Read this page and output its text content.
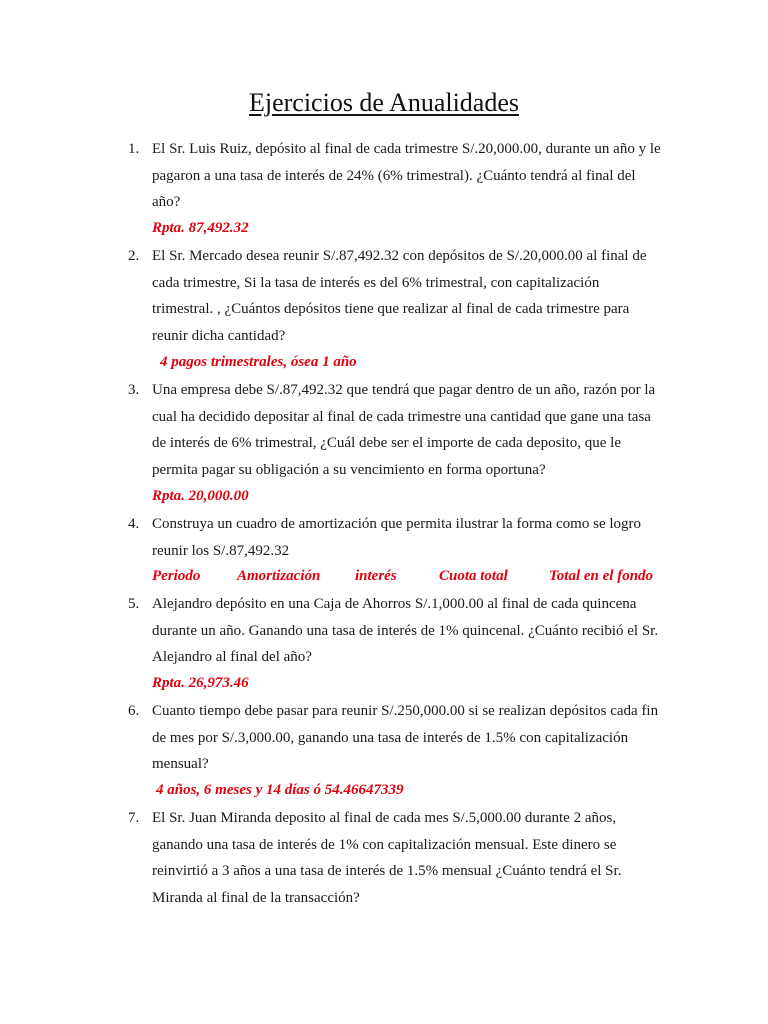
Ejercicios de Anualidades
1. El Sr. Luis Ruiz, depósito al final de cada trimestre S/.20,000.00, durante un año y le pagaron a una tasa de interés de 24% (6% trimestral). ¿Cuánto tendrá al final del año?
Rpta. 87,492.32
2. El Sr. Mercado desea reunir S/.87,492.32 con depósitos de S/.20,000.00 al final de cada trimestre, Si la tasa de interés es del 6% trimestral, con capitalización trimestral. , ¿Cuántos depósitos tiene que realizar al final de cada trimestre para reunir dicha cantidad?
4 pagos trimestrales, ósea 1 año
3. Una empresa debe S/.87,492.32 que tendrá que pagar dentro de un año, razón por la cual ha decidido depositar al final de cada trimestre una cantidad que gane una tasa de interés de 6% trimestral, ¿Cuál debe ser el importe de cada deposito, que le permita pagar su obligación a su vencimiento en forma oportuna?
Rpta. 20,000.00
4. Construya un cuadro de amortización que permita ilustrar la forma como se logro reunir los S/.87,492.32
Periodo Amortización interés	Cuota total	Total en el fondo
5. Alejandro depósito en una Caja de Ahorros S/.1,000.00 al final de cada quincena durante un año. Ganando una tasa de interés de 1% quincenal. ¿Cuánto recibió el Sr. Alejandro al final del año?
Rpta. 26,973.46
6. Cuanto tiempo debe pasar para reunir S/.250,000.00 si se realizan depósitos cada fin de mes por S/.3,000.00, ganando una tasa de interés de 1.5% con capitalización mensual?
4 años, 6 meses y 14 días ó 54.46647339
7. El Sr. Juan Miranda deposito al final de cada mes S/.5,000.00 durante 2 años, ganando una tasa de interés de 1% con capitalización mensual. Este dinero se reinvirtió a 3 años a una tasa de interés de 1.5% mensual ¿Cuánto tendrá el Sr. Miranda al final de la transacción?
